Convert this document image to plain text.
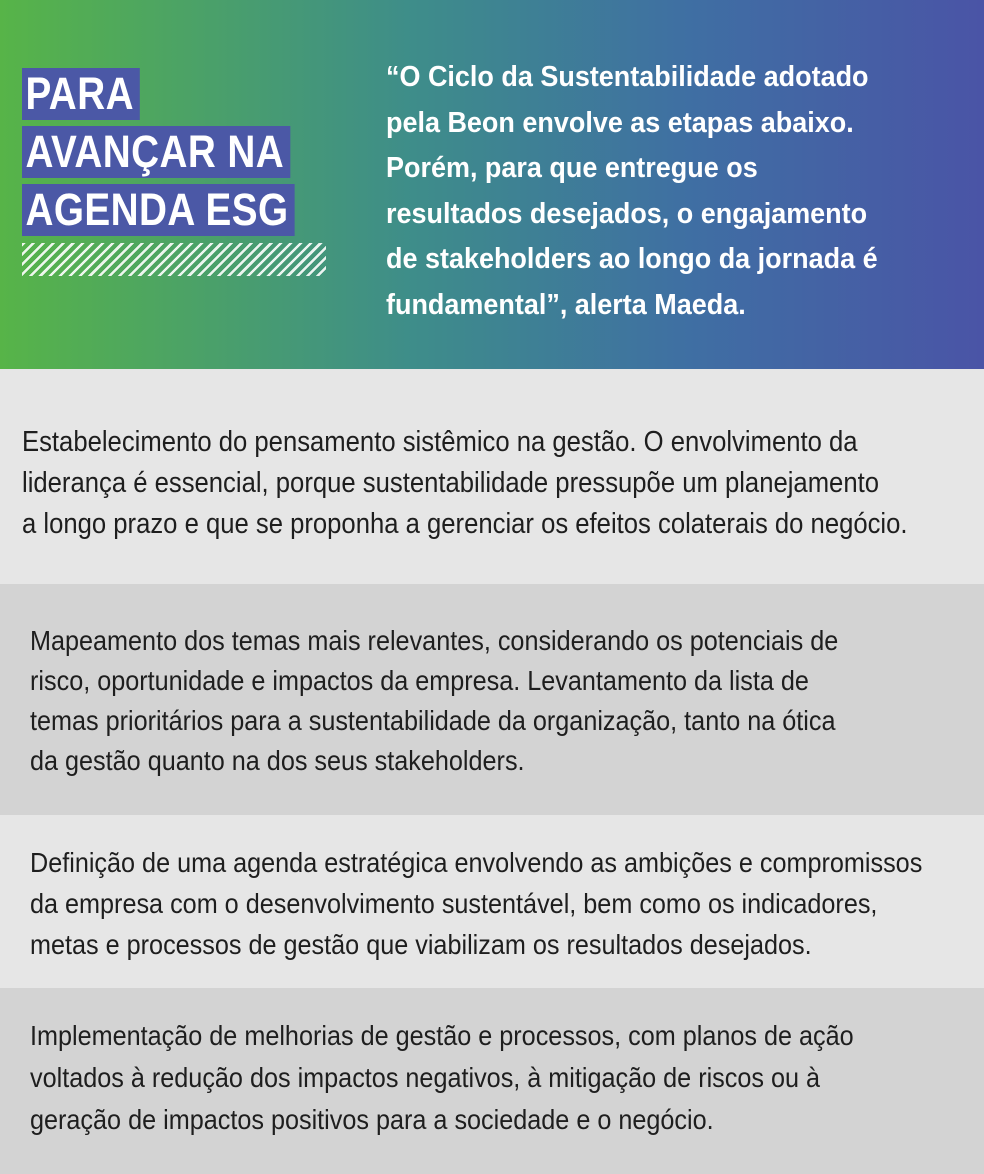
PARA
AVANÇAR NA
AGENDA ESG
“O Ciclo da Sustentabilidade adotado
pela Beon envolve as etapas abaixo.
Porém, para que entregue os
resultados desejados, o engajamento
de stakeholders ao longo da jornada é
fundamental”, alerta Maeda.
Estabelecimento do pensamento sistêmico na gestão. O envolvimento da
liderança é essencial, porque sustentabilidade pressupõe um planejamento
a longo prazo e que se proponha a gerenciar os efeitos colaterais do negócio.
Mapeamento dos temas mais relevantes, considerando os potenciais de
risco, oportunidade e impactos da empresa. Levantamento da lista de
temas prioritários para a sustentabilidade da organização, tanto na ótica
da gestão quanto na dos seus stakeholders.
Definição de uma agenda estratégica envolvendo as ambições e compromissos
da empresa com o desenvolvimento sustentável, bem como os indicadores,
metas e processos de gestão que viabilizam os resultados desejados.
Implementação de melhorias de gestão e processos, com planos de ação
voltados à redução dos impactos negativos, à mitigação de riscos ou à
geração de impactos positivos para a sociedade e o negócio.
